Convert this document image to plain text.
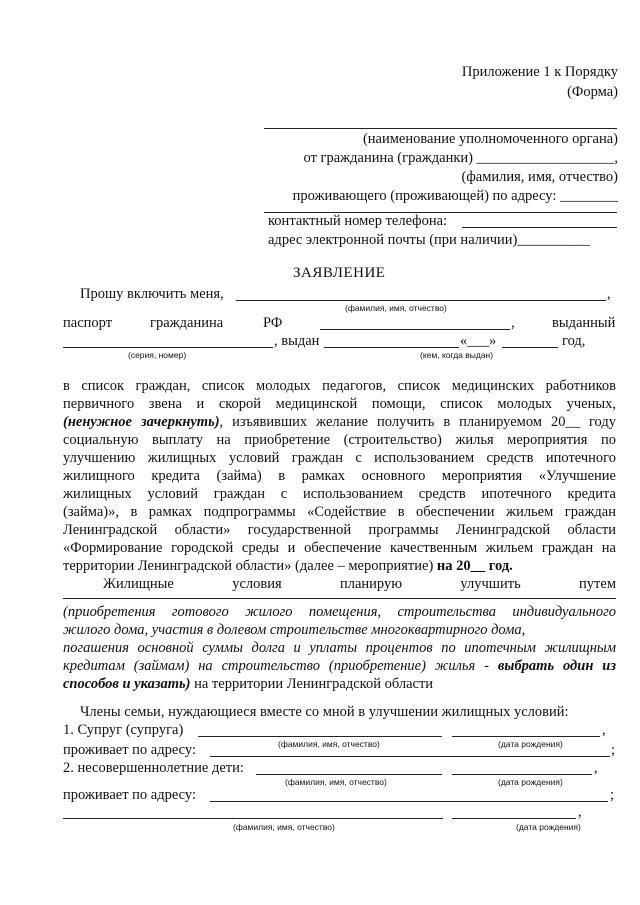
Приложение 1 к Порядку
(Форма)
(наименование уполномоченного органа)
от гражданина (гражданки) ___________________,
(фамилия, имя, отчество)
проживающего (проживающей) по адресу: ________
контактный номер телефона:
адрес электронной почты (при наличии)__________
ЗАЯВЛЕНИЕ
Прошу включить меня,	,
(фамилия, имя, отчество)
паспорт	гражданина	РФ	,	выданный
, выдан	«___»	год,
(серия, номер)	(кем, когда выдан)
в список граждан, список молодых педагогов, список медицинских работников
первичного звена и скорой медицинской помощи, список молодых ученых,
(ненужное зачеркнуть), изъявивших желание получить в планируемом 20__ году
социальную выплату на приобретение (строительство) жилья мероприятия по
улучшению жилищных условий граждан с использованием средств ипотечного
жилищного кредита (займа) в рамках основного мероприятия «Улучшение
жилищных условий граждан с использованием средств ипотечного кредита
(займа)», в рамках подпрограммы «Содействие в обеспечении жильем граждан
Ленинградской области» государственной программы Ленинградской области
«Формирование городской среды и обеспечение качественным жильем граждан на
территории Ленинградской области» (далее – мероприятие) на 20__ год.
Жилищные условия планирую улучшить путем
(приобретения готового жилого помещения, строительства индивидуального
жилого дома, участия в долевом строительстве многоквартирного дома,
погашения основной суммы долга и уплаты процентов по ипотечным жилищным
кредитам (займам) на строительство (приобретение) жилья - выбрать один из
способов и указать) на территории Ленинградской области
Члены семьи, нуждающиеся вместе со мной в улучшении жилищных условий:
1. Супруг (супруга)	,
(фамилия, имя, отчество)	(дата рождения)
проживает по адресу:	;
2. несовершеннолетние дети:	,
(фамилия, имя, отчество)	(дата рождения)
проживает по адресу:	;
,
(фамилия, имя, отчество)	(дата рождения)
